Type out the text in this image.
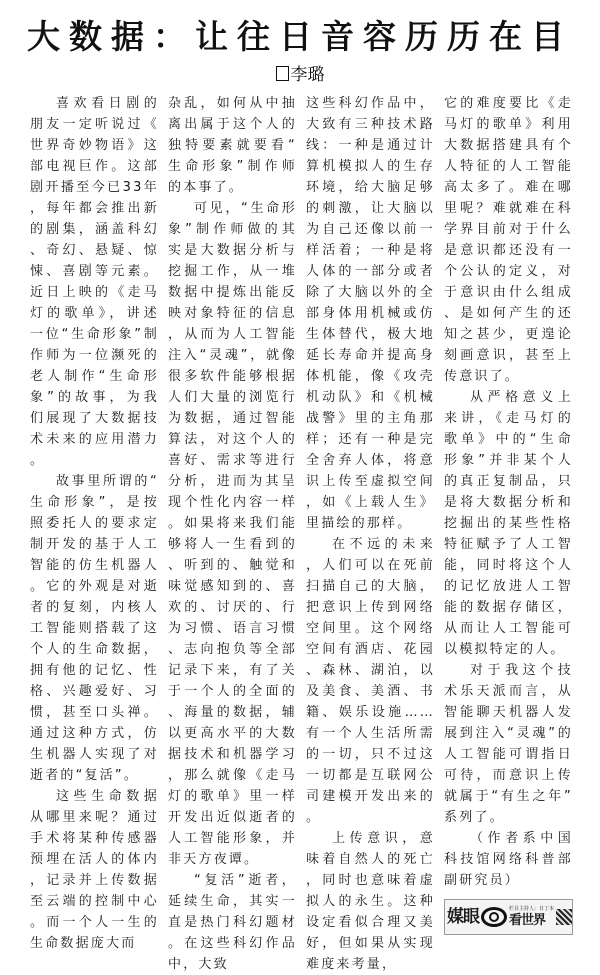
大数据：让往日音容历历在目
李璐

喜欢看日剧的朋友一定听说过《世界奇妙物语》这部电视巨作。这部剧开播至今已33年，每年都会推出新的剧集，涵盖科幻、奇幻、悬疑、惊悚、喜剧等元素。近日上映的《走马灯的歌单》，讲述一位“生命形象”制作师为一位濒死的老人制作“生命形象”的故事，为我们展现了大数据技术未来的应用潜力。

故事里所谓的“生命形象”，是按照委托人的要求定制开发的基于人工智能的仿生机器人。它的外观是对逝者的复刻，内核人工智能则搭载了这个人的生命数据，拥有他的记忆、性格、兴趣爱好、习惯，甚至口头禅。通过这种方式，仿生机器人实现了对逝者的“复活”。

这些生命数据从哪里来呢？通过手术将某种传感器预埋在活人的体内，记录并上传数据至云端的控制中心。而一个人一生的生命数据庞大而

杂乱，如何从中抽离出属于这个人的独特要素就要看“生命形象”制作师的本事了。

可见，“生命形象”制作师做的其实是大数据分析与挖掘工作，从一堆数据中提炼出能反映对象特征的信息，从而为人工智能注入“灵魂”，就像很多软件能够根据人们大量的浏览行为数据，通过智能算法，对这个人的喜好、需求等进行分析，进而为其呈现个性化内容一样。如果将来我们能够将人一生看到的、听到的、触觉和味觉感知到的、喜欢的、讨厌的、行为习惯、语言习惯、志向抱负等全部记录下来，有了关于一个人的全面的、海量的数据，辅以更高水平的大数据技术和机器学习，那么就像《走马灯的歌单》里一样开发出近似逝者的人工智能形象，并非天方夜谭。

“复活”逝者，延续生命，其实一直是热门科幻题材。在这些科幻作品中，大致

这些科幻作品中，大致有三种技术路线：一种是通过计算机模拟人的生存环境，给大脑足够的刺激，让大脑以为自己还像以前一样活着；一种是将人体的一部分或者除了大脑以外的全部身体用机械或仿生体替代，极大地延长寿命并提高身体机能，像《攻壳机动队》和《机械战警》里的主角那样；还有一种是完全舍弃人体，将意识上传至虚拟空间，如《上载人生》里描绘的那样。

在不远的未来，人们可以在死前扫描自己的大脑，把意识上传到网络空间里。这个网络空间有酒店、花园、森林、湖泊，以及美食、美酒、书籍、娱乐设施……有一个人生活所需的一切，只不过这一切都是互联网公司建模开发出来的。

上传意识，意味着自然人的死亡，同时也意味着虚拟人的永生。这种设定看似合理又美好，但如果从实现难度来考量，

它的难度要比《走马灯的歌单》利用大数据搭建具有个人特征的人工智能高太多了。难在哪里呢？难就难在科学界目前对于什么是意识都还没有一个公认的定义，对于意识由什么组成、是如何产生的还知之甚少，更遑论刻画意识，甚至上传意识了。

从严格意义上来讲，《走马灯的歌单》中的“生命形象”并非某个人的真正复制品，只是将大数据分析和挖掘出的某些性格特征赋予了人工智能，同时将这个人的记忆放进人工智能的数据存储区，从而让人工智能可以模拟特定的人。

对于我这个技术乐天派而言，从智能聊天机器人发展到注入“灵魂”的人工智能可谓指日可待，而意识上传就属于“有生之年”系列了。

（作者系中国科技馆网络科普部副研究员）

媒眼	栏目主持人：日丁本
看世界
